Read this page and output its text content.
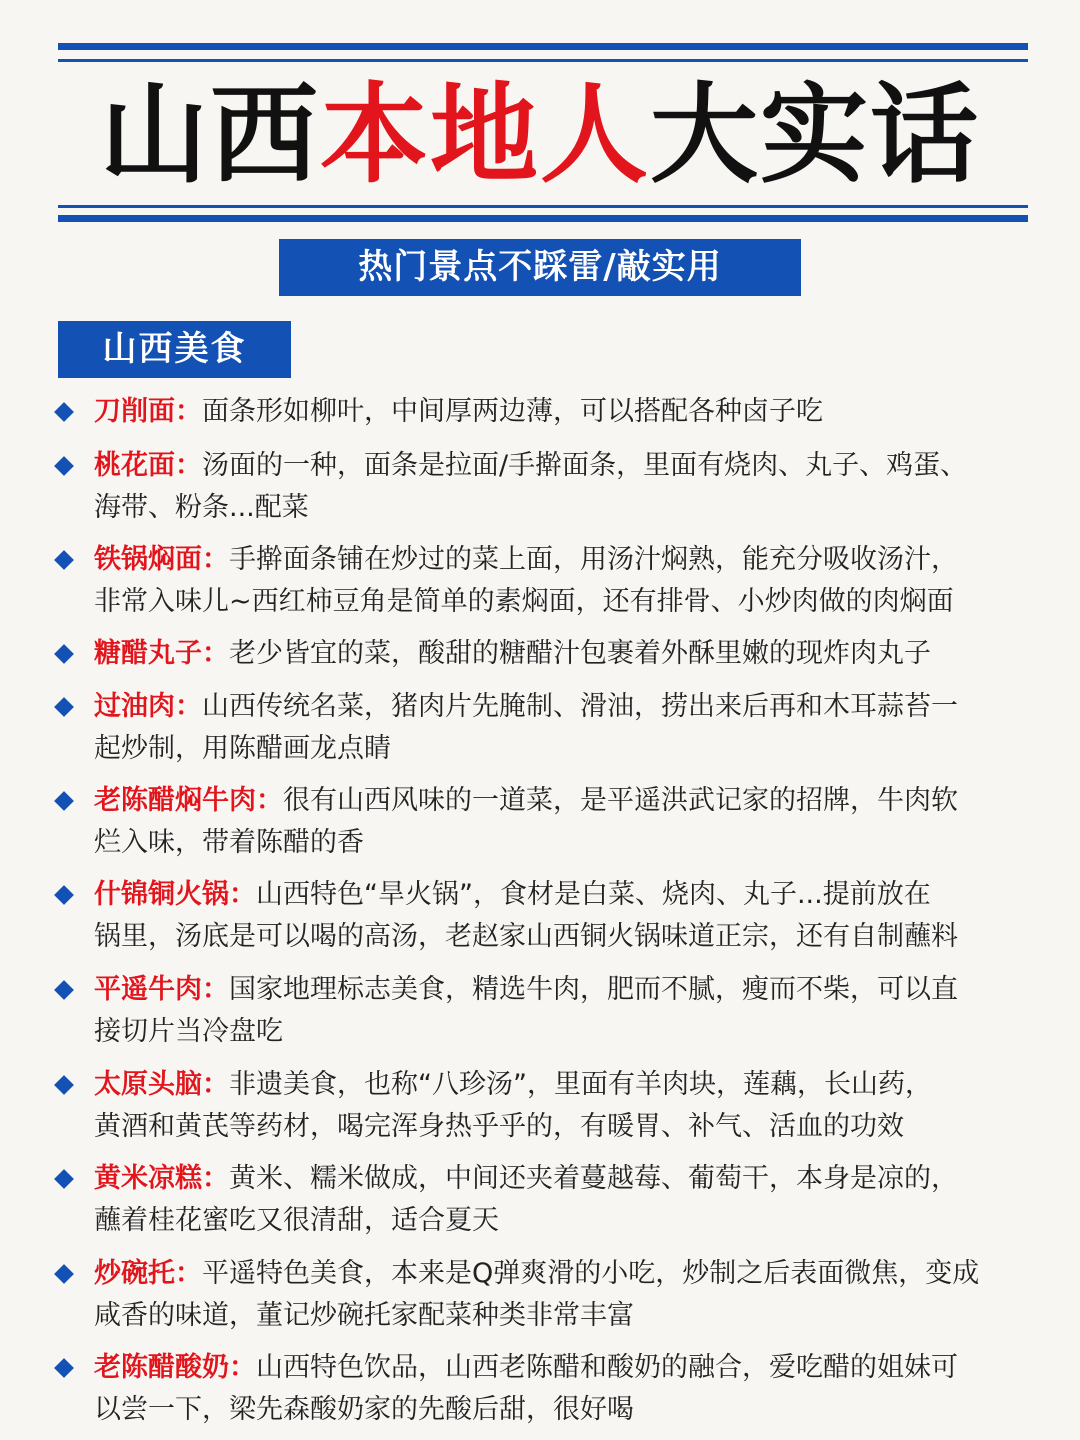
山西本地人大实话
热门景点不踩雷/敲实用
山西美食
刀削面：面条形如柳叶，中间厚两边薄，可以搭配各种卤子吃
桃花面：汤面的一种，面条是拉面/手擀面条，里面有烧肉、丸子、鸡蛋、
海带、粉条...配菜
铁锅焖面：手擀面条铺在炒过的菜上面，用汤汁焖熟，能充分吸收汤汁，
非常入味儿~西红柿豆角是简单的素焖面，还有排骨、小炒肉做的肉焖面
糖醋丸子：老少皆宜的菜，酸甜的糖醋汁包裹着外酥里嫩的现炸肉丸子
过油肉：山西传统名菜，猪肉片先腌制、滑油，捞出来后再和木耳蒜苔一
起炒制，用陈醋画龙点睛
老陈醋焖牛肉：很有山西风味的一道菜，是平遥洪武记家的招牌，牛肉软
烂入味，带着陈醋的香
什锦铜火锅：山西特色“旱火锅”，食材是白菜、烧肉、丸子...提前放在
锅里，汤底是可以喝的高汤，老赵家山西铜火锅味道正宗，还有自制蘸料
平遥牛肉：国家地理标志美食，精选牛肉，肥而不腻，瘦而不柴，可以直
接切片当冷盘吃
太原头脑：非遗美食，也称“八珍汤”，里面有羊肉块，莲藕，长山药，
黄酒和黄芪等药材，喝完浑身热乎乎的，有暖胃、补气、活血的功效
黄米凉糕：黄米、糯米做成，中间还夹着蔓越莓、葡萄干，本身是凉的，
蘸着桂花蜜吃又很清甜，适合夏天
炒碗托：平遥特色美食，本来是Q弹爽滑的小吃，炒制之后表面微焦，变成
咸香的味道，董记炒碗托家配菜种类非常丰富
老陈醋酸奶：山西特色饮品，山西老陈醋和酸奶的融合，爱吃醋的姐妹可
以尝一下，梁先森酸奶家的先酸后甜，很好喝
